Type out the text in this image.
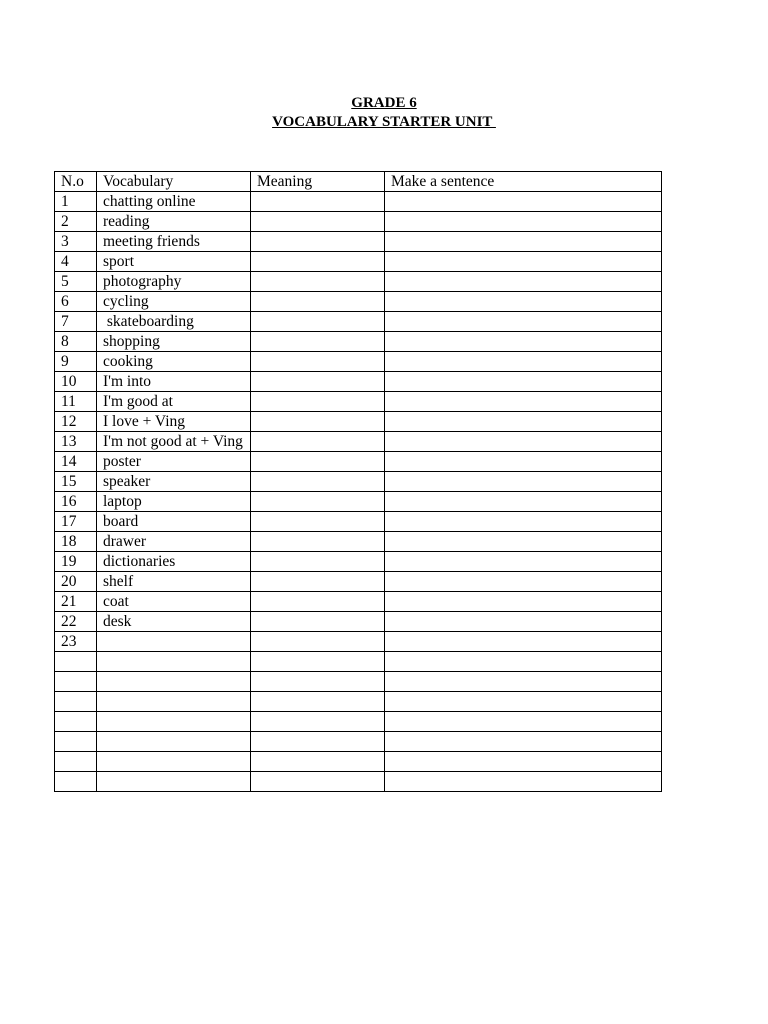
GRADE 6
VOCABULARY STARTER UNIT
N.o	Vocabulary	Meaning	Make a sentence
1	chatting online		
2	reading		
3	meeting friends		
4	sport		
5	photography		
6	cycling		
7	skateboarding		
8	shopping		
9	cooking		
10	I'm into		
11	I'm good at		
12	I love + Ving		
13	I'm not good at + Ving		
14	poster		
15	speaker		
16	laptop		
17	board		
18	drawer		
19	dictionaries		
20	shelf		
21	coat		
22	desk		
23			
